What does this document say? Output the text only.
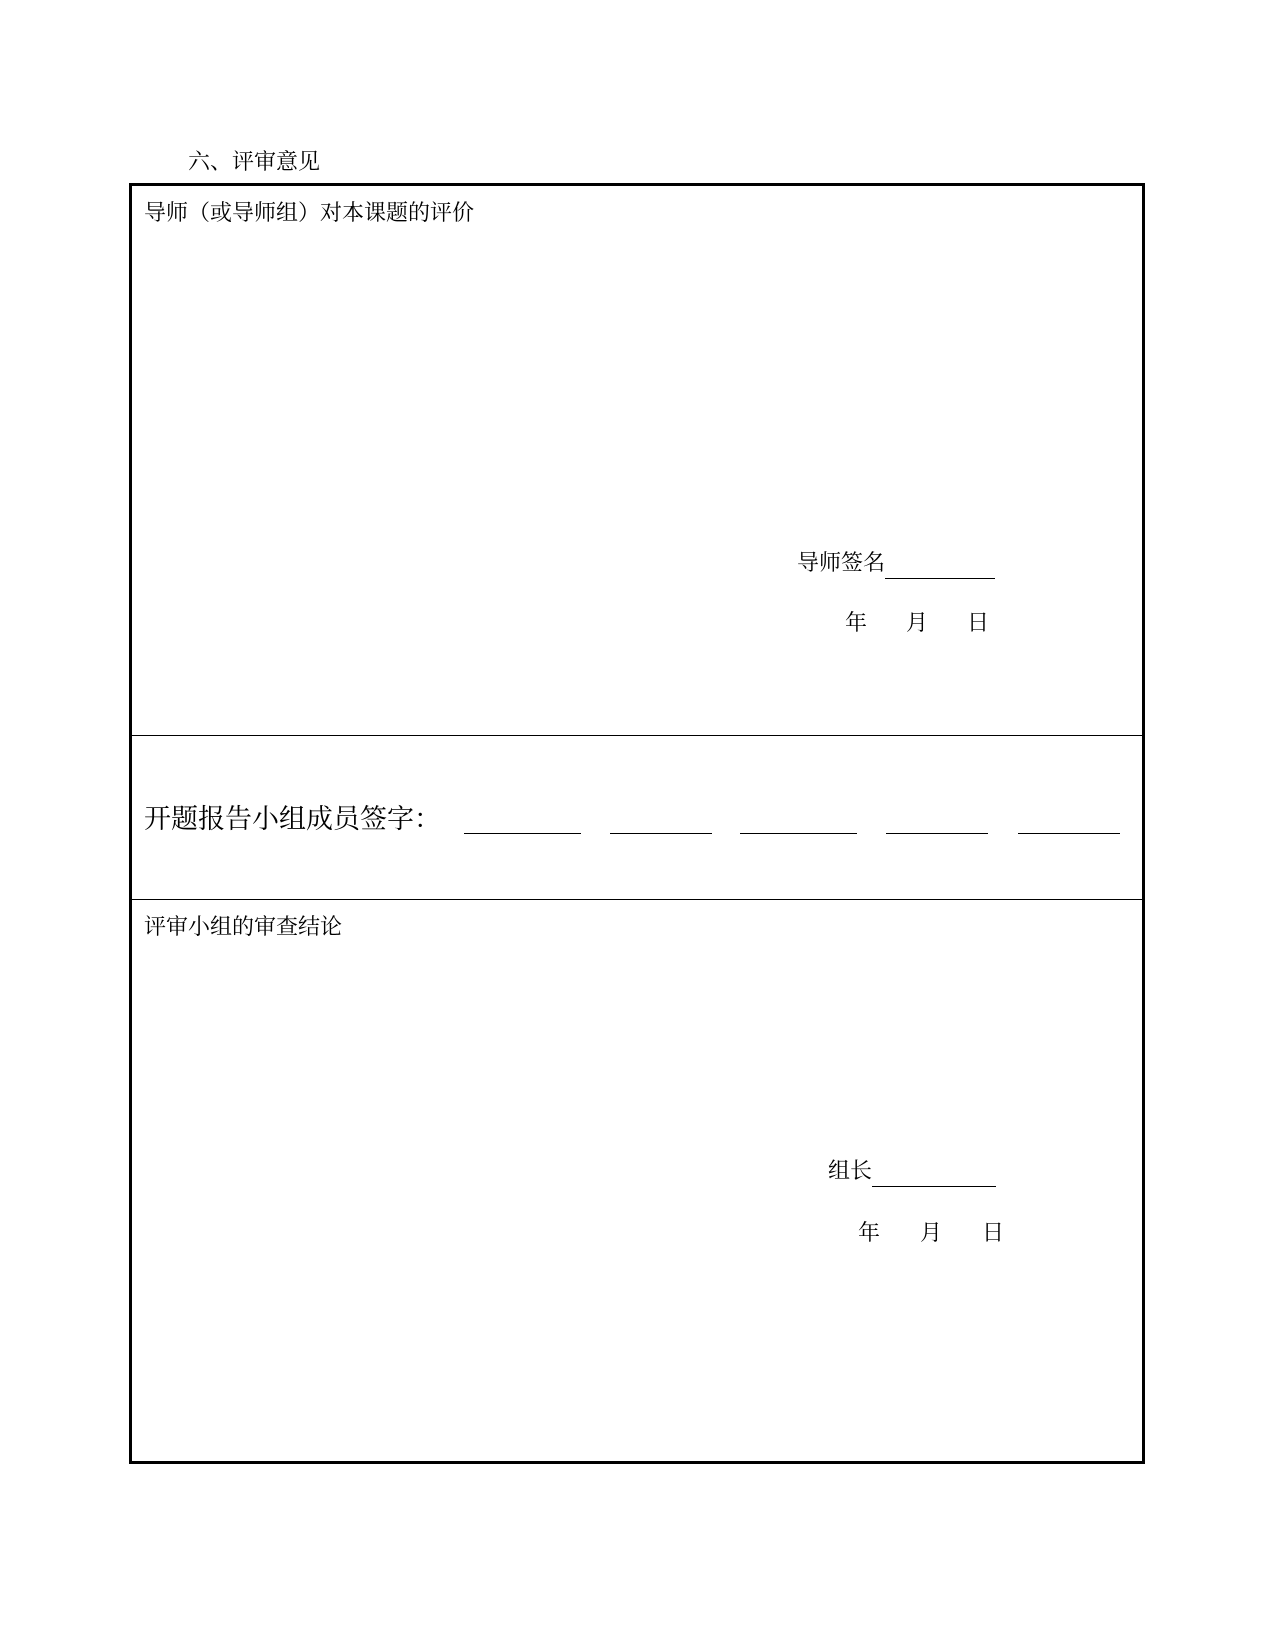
六、评审意见
导师（或导师组）对本课题的评价
导师签名
年	月	日
开题报告小组成员签字：
评审小组的审查结论
组长
年	月	日
